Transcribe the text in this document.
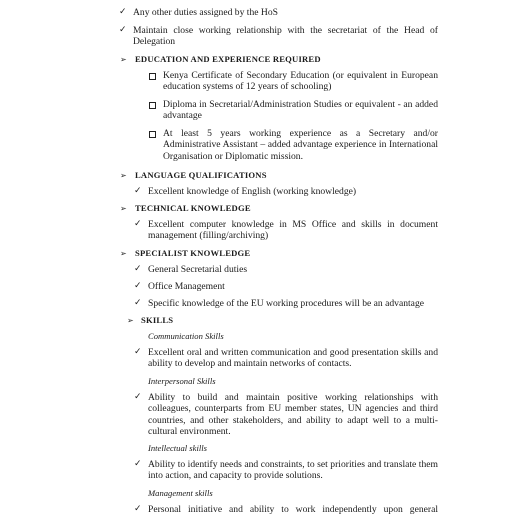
✓ Any other duties assigned by the HoS
✓ Maintain close working relationship with the secretariat of the Head of Delegation
➢ EDUCATION AND EXPERIENCE REQUIRED
Kenya Certificate of Secondary Education (or equivalent in European education systems of 12 years of schooling)
Diploma in Secretarial/Administration Studies or equivalent - an added advantage
At least 5 years working experience as a Secretary and/or Administrative Assistant – added advantage experience in International Organisation or Diplomatic mission.
➢ LANGUAGE QUALIFICATIONS
✓ Excellent knowledge of English (working knowledge)
➢ TECHNICAL KNOWLEDGE
✓ Excellent computer knowledge in MS Office and skills in document management (filling/archiving)
➢ SPECIALIST KNOWLEDGE
✓ General Secretarial duties
✓ Office Management
✓ Specific knowledge of the EU working procedures will be an advantage
➢ SKILLS
Communication Skills
✓ Excellent oral and written communication and good presentation skills and ability to develop and maintain networks of contacts.
Interpersonal Skills
✓ Ability to build and maintain positive working relationships with colleagues, counterparts from EU member states, UN agencies and third countries, and other stakeholders, and ability to adapt well to a multi-cultural environment.
Intellectual skills
✓ Ability to identify needs and constraints, to set priorities and translate them into action, and capacity to provide solutions.
Management skills
✓ Personal initiative and ability to work independently upon general
